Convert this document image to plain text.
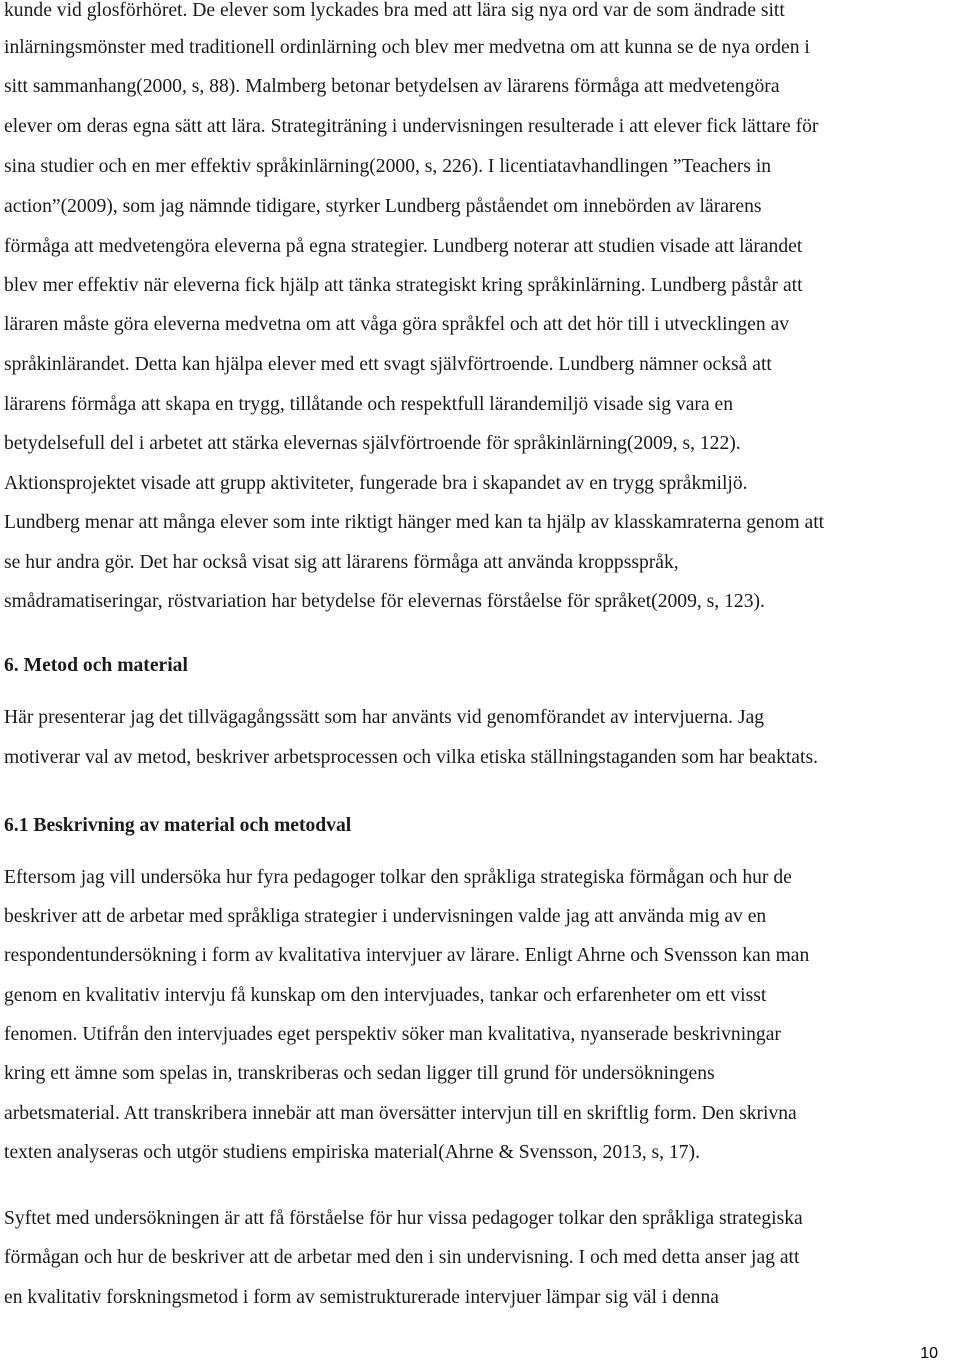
kunde vid glosförhöret. De elever som lyckades bra med att lära sig nya ord var de som ändrade sitt
inlärningsmönster med traditionell ordinlärning och blev mer medvetna om att kunna se de nya orden i
sitt sammanhang(2000, s, 88). Malmberg betonar betydelsen av lärarens förmåga att medvetengöra
elever om deras egna sätt att lära. Strategiträning i undervisningen resulterade i att elever fick lättare för
sina studier och en mer effektiv språkinlärning(2000, s, 226). I licentiatavhandlingen ”Teachers in
action”(2009), som jag nämnde tidigare, styrker Lundberg påståendet om innebörden av lärarens
förmåga att medvetengöra eleverna på egna strategier. Lundberg noterar att studien visade att lärandet
blev mer effektiv när eleverna fick hjälp att tänka strategiskt kring språkinlärning. Lundberg påstår att
läraren måste göra eleverna medvetna om att våga göra språkfel och att det hör till i utvecklingen av
språkinlärandet. Detta kan hjälpa elever med ett svagt självförtroende. Lundberg nämner också att
lärarens förmåga att skapa en trygg, tillåtande och respektfull lärandemiljö visade sig vara en
betydelsefull del i arbetet att stärka elevernas självförtroende för språkinlärning(2009, s, 122).
Aktionsprojektet visade att grupp aktiviteter, fungerade bra i skapandet av en trygg språkmiljö.
Lundberg menar att många elever som inte riktigt hänger med kan ta hjälp av klasskamraterna genom att
se hur andra gör. Det har också visat sig att lärarens förmåga att använda kroppsspråk,
smådramatiseringar, röstvariation har betydelse för elevernas förståelse för språket(2009, s, 123).
6. Metod och material
Här presenterar jag det tillvägagångssätt som har använts vid genomförandet av intervjuerna. Jag
motiverar val av metod, beskriver arbetsprocessen och vilka etiska ställningstaganden som har beaktats.
6.1 Beskrivning av material och metodval
Eftersom jag vill undersöka hur fyra pedagoger tolkar den språkliga strategiska förmågan och hur de
beskriver att de arbetar med språkliga strategier i undervisningen valde jag att använda mig av en
respondentundersökning i form av kvalitativa intervjuer av lärare. Enligt Ahrne och Svensson kan man
genom en kvalitativ intervju få kunskap om den intervjuades, tankar och erfarenheter om ett visst
fenomen. Utifrån den intervjuades eget perspektiv söker man kvalitativa, nyanserade beskrivningar
kring ett ämne som spelas in, transkriberas och sedan ligger till grund för undersökningens
arbetsmaterial. Att transkribera innebär att man översätter intervjun till en skriftlig form. Den skrivna
texten analyseras och utgör studiens empiriska material(Ahrne & Svensson, 2013, s, 17).
Syftet med undersökningen är att få förståelse för hur vissa pedagoger tolkar den språkliga strategiska
förmågan och hur de beskriver att de arbetar med den i sin undervisning. I och med detta anser jag att
en kvalitativ forskningsmetod i form av semistrukturerade intervjuer lämpar sig väl i denna
10
